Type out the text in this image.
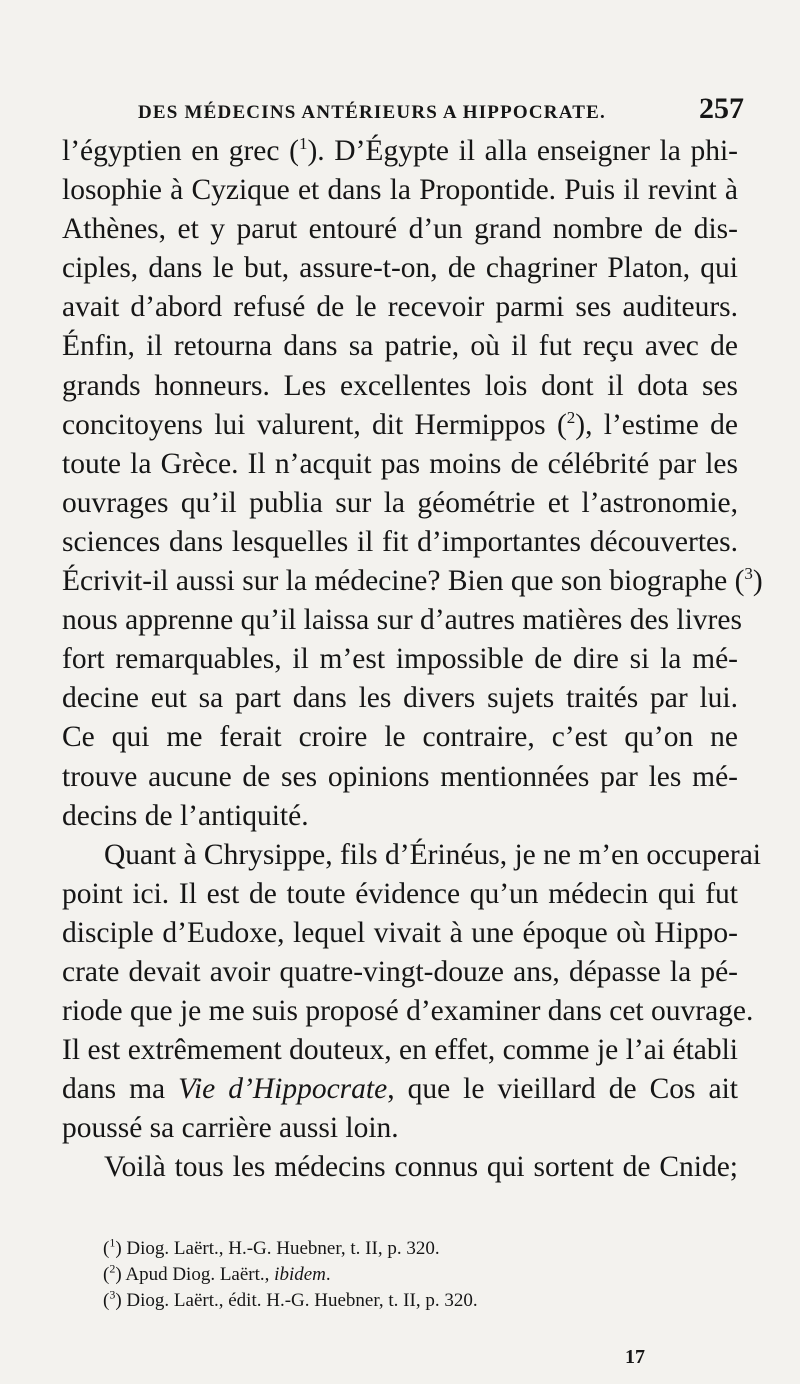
DES MÉDECINS ANTÉRIEURS A HIPPOCRATE.	257
l’égyptien en grec ($^1$). D’Égypte il alla enseigner la phi-
losophie à Cyzique et dans la Propontide. Puis il revint à
Athènes, et y parut entouré d’un grand nombre de dis-
ciples, dans le but, assure-t-on, de chagriner Platon, qui
avait d’abord refusé de le recevoir parmi ses auditeurs.
Énfin, il retourna dans sa patrie, où il fut reçu avec de
grands honneurs. Les excellentes lois dont il dota ses
concitoyens lui valurent, dit Hermippos ($^2$), l’estime de
toute la Grèce. Il n’acquit pas moins de célébrité par les
ouvrages qu’il publia sur la géométrie et l’astronomie,
sciences dans lesquelles il fit d’importantes découvertes.
Écrivit-il aussi sur la médecine? Bien que son biographe ($^3$)
nous apprenne qu’il laissa sur d’autres matières des livres
fort remarquables, il m’est impossible de dire si la mé-
decine eut sa part dans les divers sujets traités par lui.
Ce qui me ferait croire le contraire, c’est qu’on ne
trouve aucune de ses opinions mentionnées par les mé-
decins de l’antiquité.
Quant à Chrysippe, fils d’Érinéus, je ne m’en occuperai
point ici. Il est de toute évidence qu’un médecin qui fut
disciple d’Eudoxe, lequel vivait à une époque où Hippo-
crate devait avoir quatre-vingt-douze ans, dépasse la pé-
riode que je me suis proposé d’examiner dans cet ouvrage.
Il est extrêmement douteux, en effet, comme je l’ai établi
dans ma Vie d’Hippocrate, que le vieillard de Cos ait
poussé sa carrière aussi loin.
Voilà tous les médecins connus qui sortent de Cnide;
($^1$) Diog. Laërt., H.-G. Huebner, t. II, p. 320.
($^2$) Apud Diog. Laërt., ibidem.
($^3$) Diog. Laërt., édit. H.-G. Huebner, t. II, p. 320.
17
